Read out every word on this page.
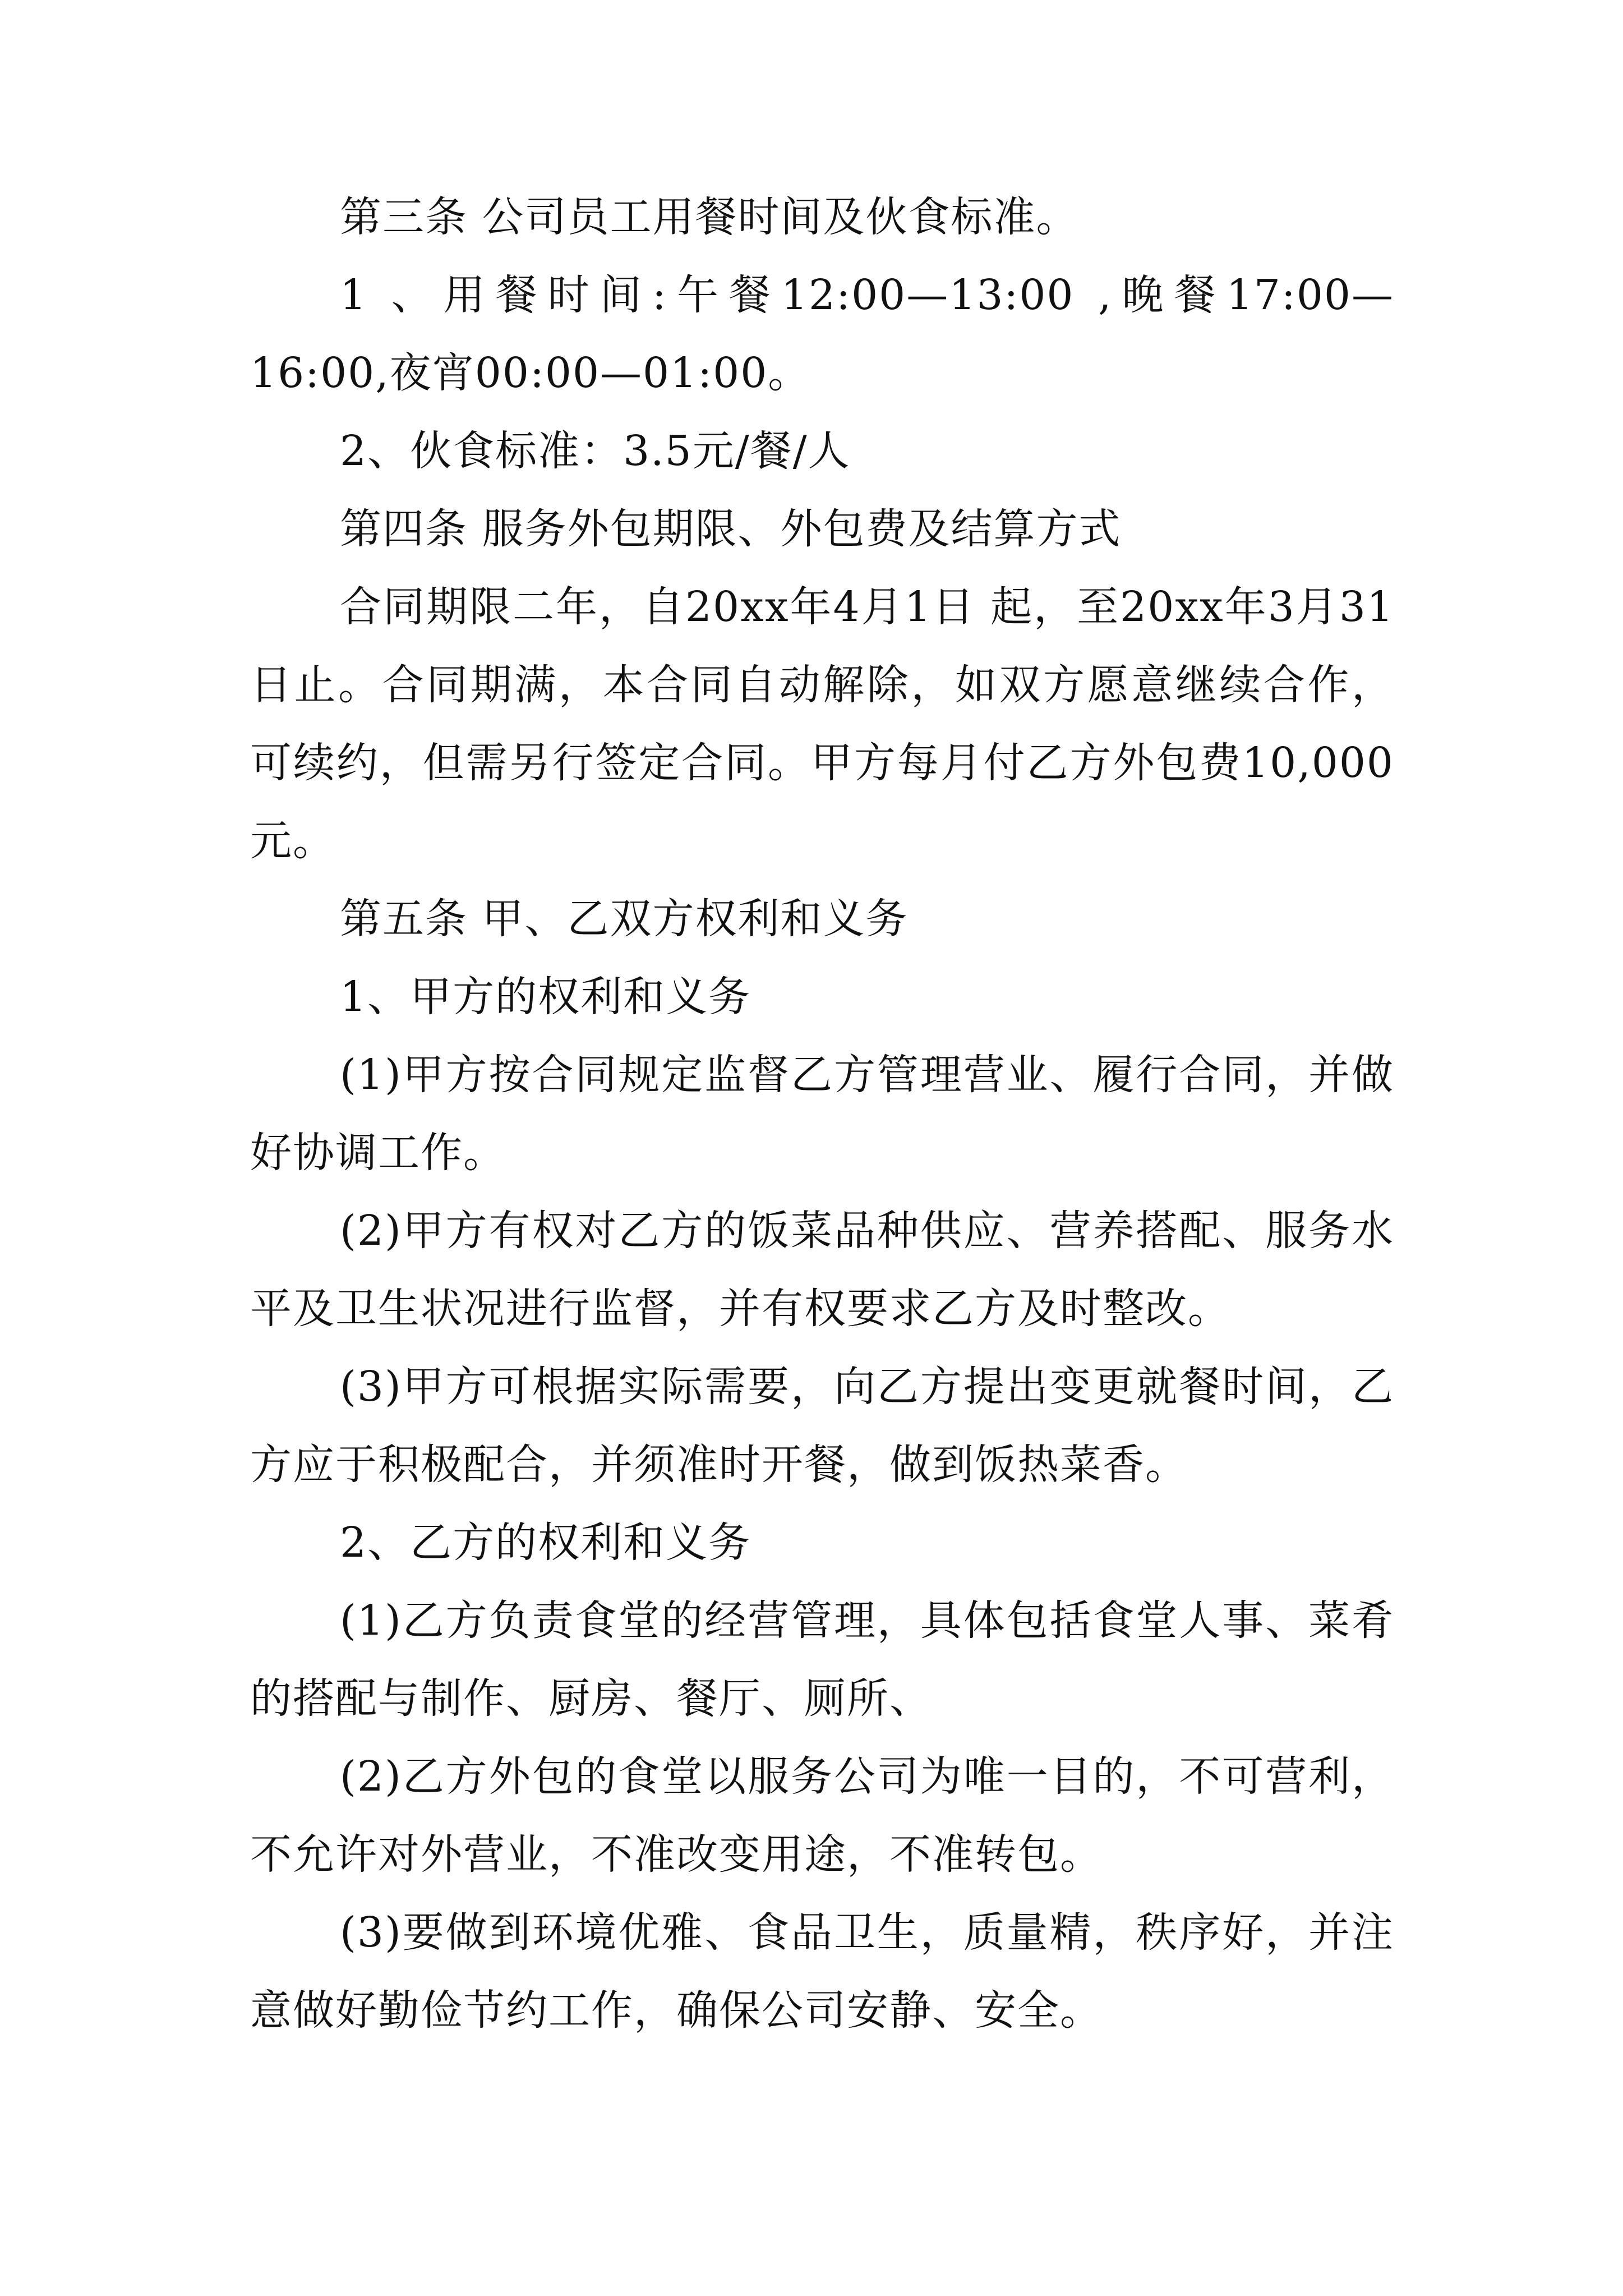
第三条 公司员工用餐时间及伙食标准。

1 、用餐时间:午餐12:00—13:00 ,晚餐17:00—16:00,夜宵00:00—01:00。

2、伙食标准：3.5元/餐/人

第四条 服务外包期限、外包费及结算方式

合同期限二年，自20xx年4月1日 起，至20xx年3月31日止。合同期满，本合同自动解除，如双方愿意继续合作，可续约，但需另行签定合同。甲方每月付乙方外包费10,000元。

第五条 甲、乙双方权利和义务

1、甲方的权利和义务

(1)甲方按合同规定监督乙方管理营业、履行合同，并做好协调工作。

(2)甲方有权对乙方的饭菜品种供应、营养搭配、服务水平及卫生状况进行监督，并有权要求乙方及时整改。

(3)甲方可根据实际需要，向乙方提出变更就餐时间，乙方应于积极配合，并须准时开餐，做到饭热菜香。

2、乙方的权利和义务

(1)乙方负责食堂的经营管理，具体包括食堂人事、菜肴的搭配与制作、厨房、餐厅、厕所、

(2)乙方外包的食堂以服务公司为唯一目的，不可营利，不允许对外营业，不准改变用途，不准转包。

(3)要做到环境优雅、食品卫生，质量精，秩序好，并注意做好勤俭节约工作，确保公司安静、安全。
